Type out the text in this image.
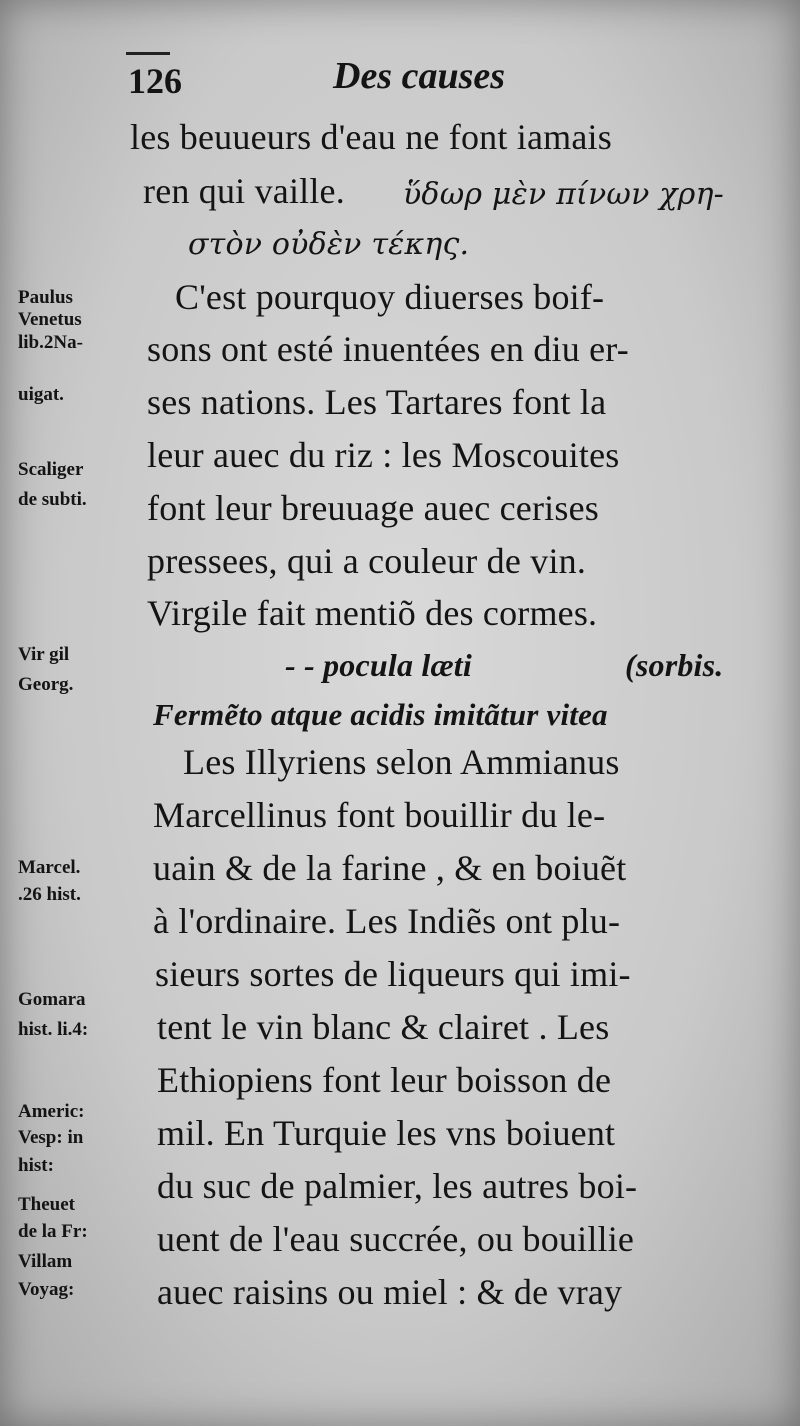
126	Des causes
Paulus
Venetus
lib.2Na-
uigat.
Scaliger
de subti.
Vir gil
Georg.
Marcel.
.26 hist.
Gomara
hist. li.4:
Americ:
Vesp: in
hist:
Theuet
de la Fr:
Villam
Voyag:
les beuueurs d'eau ne font iamais
ren qui vaille. ὕδωρ μὲν πίνων χρη-
στὸν οὐδὲν τέκης.
C'est pourquoy diuerses boif-
sons ont esté inuentées en diu er-
ses nations. Les Tartares font la
leur auec du riz : les Moscouites
font leur breuuage auec cerises
pressees, qui a couleur de vin.
Virgile fait mentiõ des cormes.
- - pocula læti	(sorbis.
Fermẽto atque acidis imitãtur vitea
Les Illyriens selon Ammianus
Marcellinus font bouillir du le-
uain & de la farine , & en boiuẽt
à l'ordinaire. Les Indiẽs ont plu-
sieurs sortes de liqueurs qui imi-
tent le vin blanc & clairet . Les
Ethiopiens font leur boisson de
mil. En Turquie les vns boiuent
du suc de palmier, les autres boi-
uent de l'eau succrée, ou bouillie
auec raisins ou miel : & de vray
